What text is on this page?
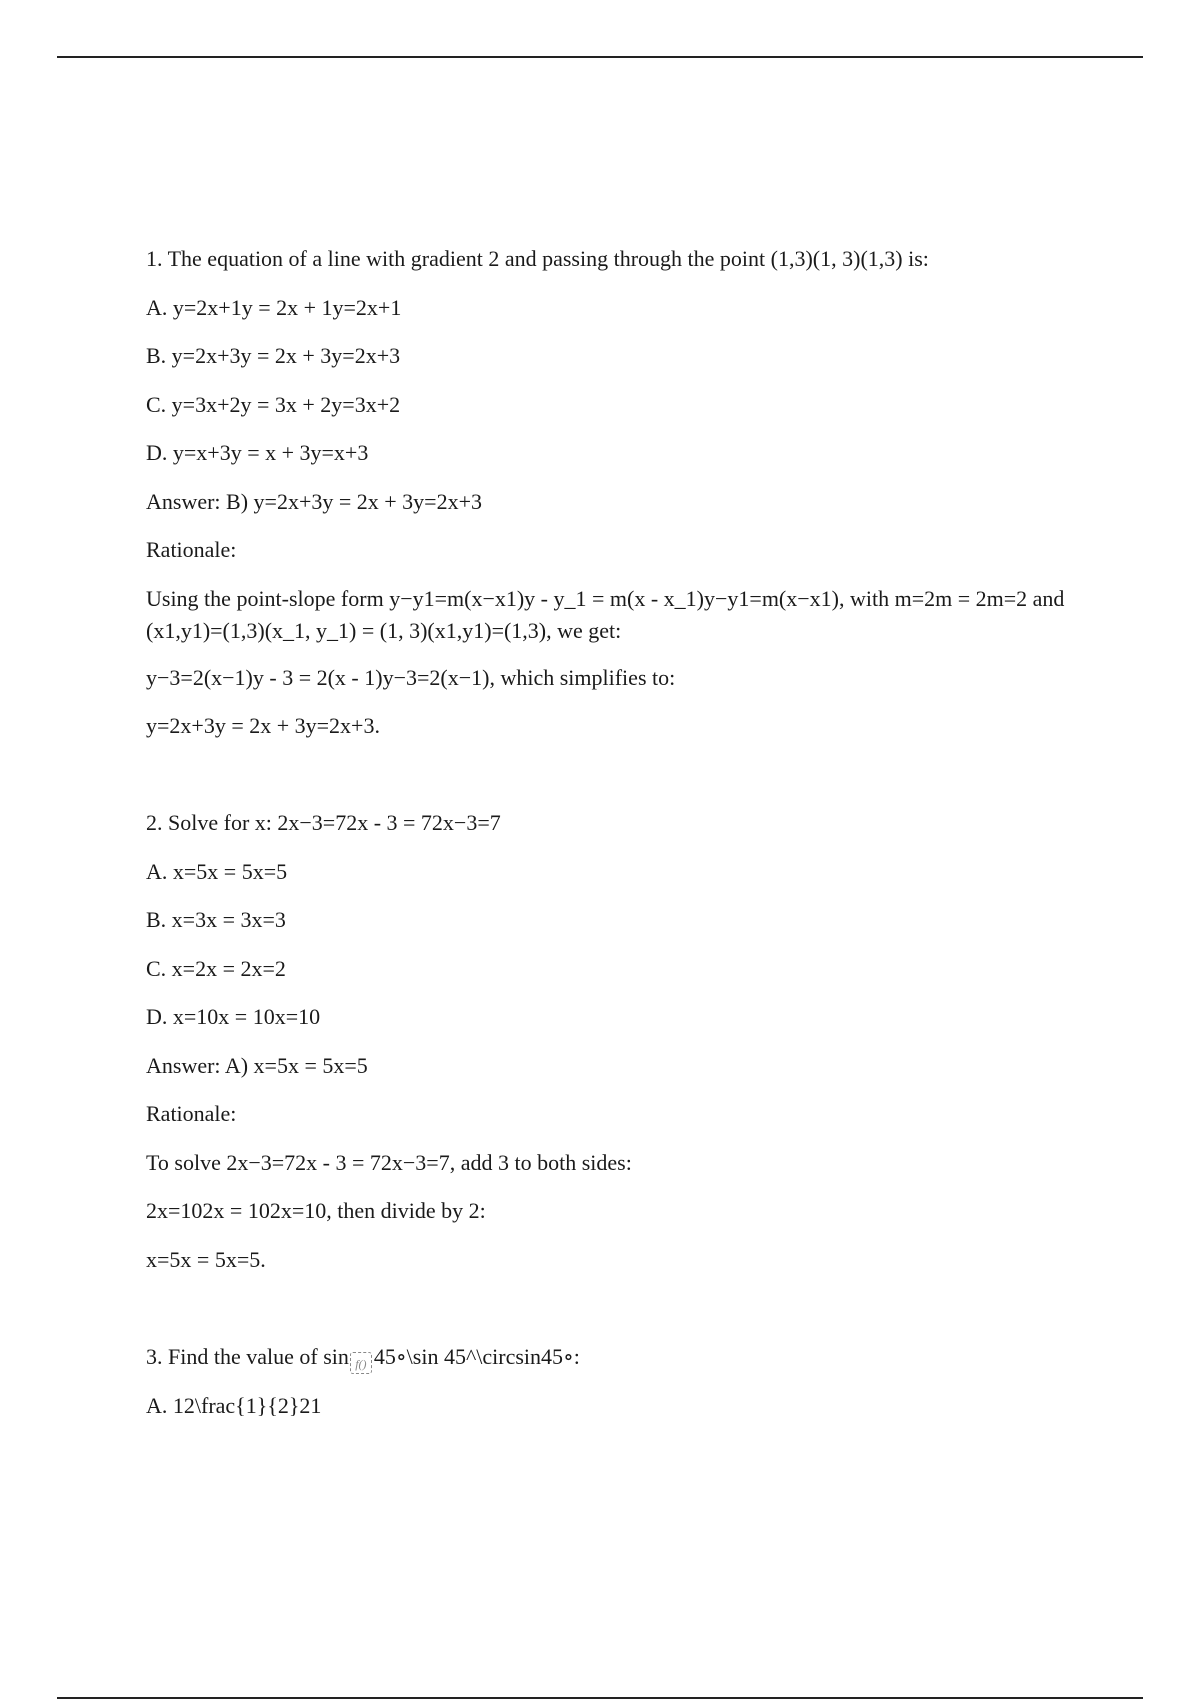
1. The equation of a line with gradient 2 and passing through the point (1,3)(1, 3)(1,3) is:

A. y=2x+1y = 2x + 1y=2x+1

B. y=2x+3y = 2x + 3y=2x+3

C. y=3x+2y = 3x + 2y=3x+2

D. y=x+3y = x + 3y=x+3

Answer: B) y=2x+3y = 2x + 3y=2x+3

Rationale:

Using the point-slope form y−y1=m(x−x1)y - y_1 = m(x - x_1)y−y1=m(x−x1), with m=2m = 2m=2 and (x1,y1)=(1,3)(x_1, y_1) = (1, 3)(x1,y1)=(1,3), we get:

y−3=2(x−1)y - 3 = 2(x - 1)y−3=2(x−1), which simplifies to:

y=2x+3y = 2x + 3y=2x+3.

2. Solve for x: 2x−3=72x - 3 = 72x−3=7

A. x=5x = 5x=5

B. x=3x = 3x=3

C. x=2x = 2x=2

D. x=10x = 10x=10

Answer: A) x=5x = 5x=5

Rationale:

To solve 2x−3=72x - 3 = 72x−3=7, add 3 to both sides:

2x=102x = 102x=10, then divide by 2:

x=5x = 5x=5.

3. Find the value of sin f() 45∘\sin 45^\circsin45∘:

A. 12\frac{1}{2}21
